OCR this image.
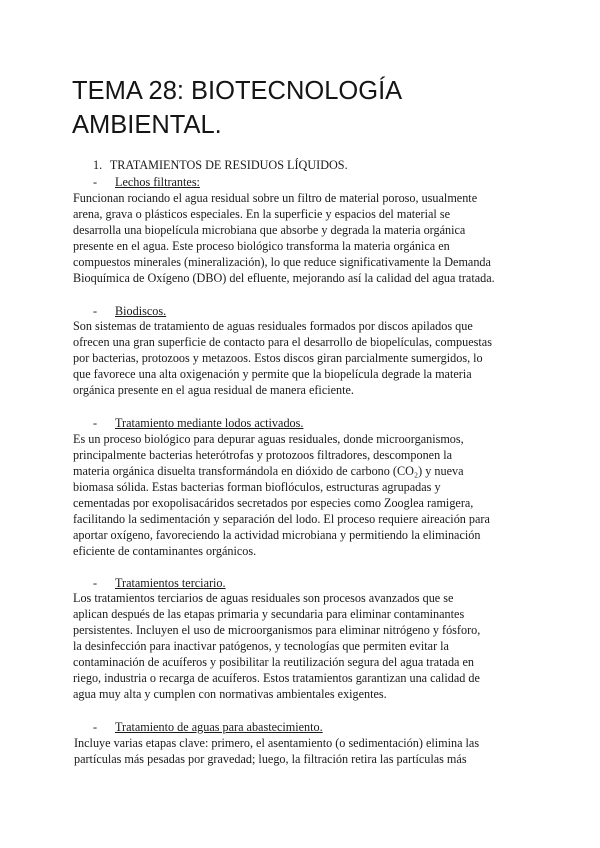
TEMA 28: BIOTECNOLOGÍA AMBIENTAL.
1. TRATAMIENTOS DE RESIDUOS LÍQUIDOS.
- Lechos filtrantes:
Funcionan rociando el agua residual sobre un filtro de material poroso, usualmente
arena, grava o plásticos especiales. En la superficie y espacios del material se
desarrolla una biopelícula microbiana que absorbe y degrada la materia orgánica
presente en el agua. Este proceso biológico transforma la materia orgánica en
compuestos minerales (mineralización), lo que reduce significativamente la Demanda
Bioquímica de Oxígeno (DBO) del efluente, mejorando así la calidad del agua tratada.
- Biodiscos.
Son sistemas de tratamiento de aguas residuales formados por discos apilados que
ofrecen una gran superficie de contacto para el desarrollo de biopelículas, compuestas
por bacterias, protozoos y metazoos. Estos discos giran parcialmente sumergidos, lo
que favorece una alta oxigenación y permite que la biopelícula degrade la materia
orgánica presente en el agua residual de manera eficiente.
- Tratamiento mediante lodos activados.
Es un proceso biológico para depurar aguas residuales, donde microorganismos,
principalmente bacterias heterótrofas y protozoos filtradores, descomponen la
materia orgánica disuelta transformándola en dióxido de carbono (CO₂) y nueva
biomasa sólida. Estas bacterias forman bioflóculos, estructuras agrupadas y
cementadas por exopolisacáridos secretados por especies como Zooglea ramigera,
facilitando la sedimentación y separación del lodo. El proceso requiere aireación para
aportar oxígeno, favoreciendo la actividad microbiana y permitiendo la eliminación
eficiente de contaminantes orgánicos.
- Tratamientos terciario.
Los tratamientos terciarios de aguas residuales son procesos avanzados que se
aplican después de las etapas primaria y secundaria para eliminar contaminantes
persistentes. Incluyen el uso de microorganismos para eliminar nitrógeno y fósforo,
la desinfección para inactivar patógenos, y tecnologías que permiten evitar la
contaminación de acuíferos y posibilitar la reutilización segura del agua tratada en
riego, industria o recarga de acuíferos. Estos tratamientos garantizan una calidad de
agua muy alta y cumplen con normativas ambientales exigentes.
- Tratamiento de aguas para abastecimiento.
Incluye varias etapas clave: primero, el asentamiento (o sedimentación) elimina las
partículas más pesadas por gravedad; luego, la filtración retira las partículas más
